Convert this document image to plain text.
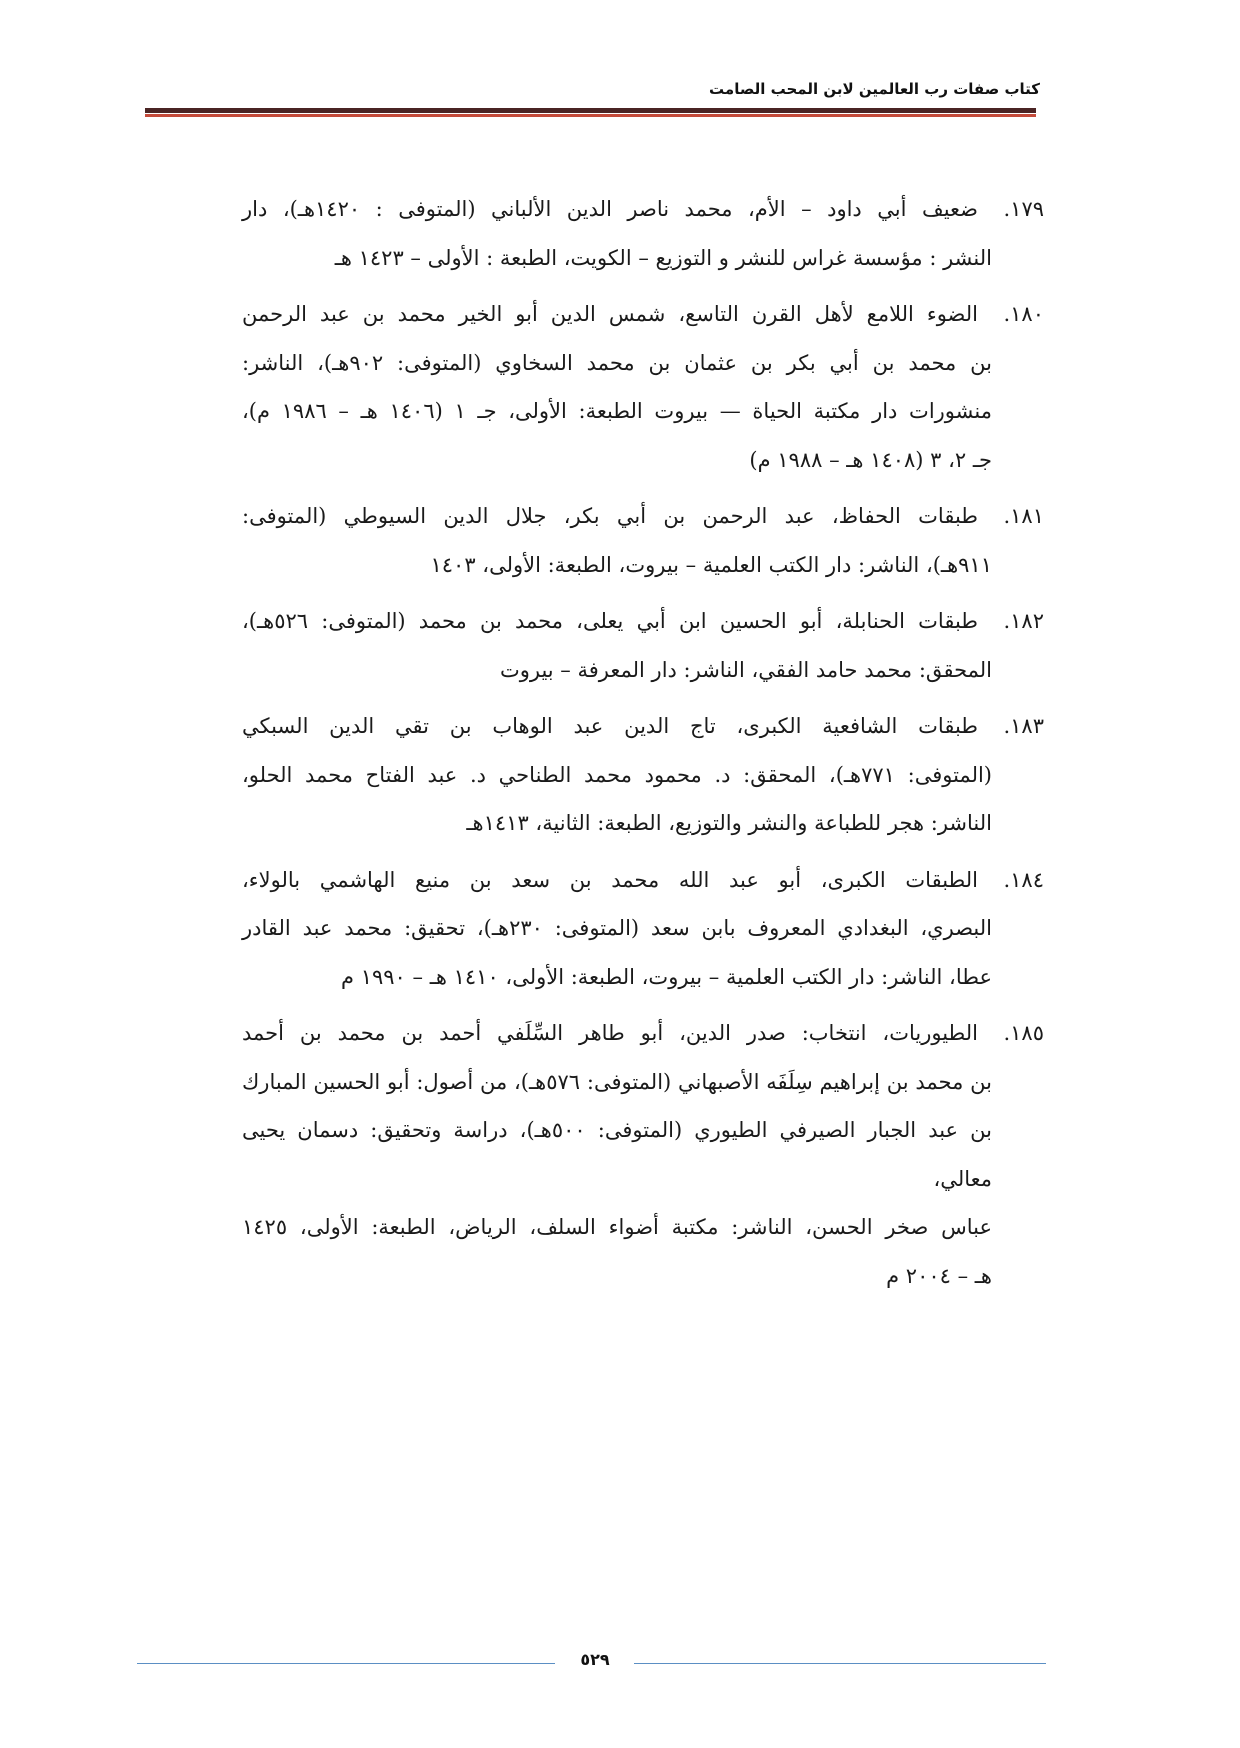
كتاب صفات رب العالمين لابن المحب الصامت
١٧٩.ضعيف أبي داود – الأم، محمد ناصر الدين الألباني (المتوفى : ١٤٢٠هـ)، دار
النشر : مؤسسة غراس للنشر و التوزيع – الكويت، الطبعة : الأولى – ١٤٢٣ هـ
١٨٠.الضوء اللامع لأهل القرن التاسع، شمس الدين أبو الخير محمد بن عبد الرحمن
بن محمد بن أبي بكر بن عثمان بن محمد السخاوي (المتوفى: ٩٠٢هـ)، الناشر:
منشورات دار مكتبة الحياة — بيروت الطبعة: الأولى، جـ ١ (١٤٠٦ هـ – ١٩٨٦ م)،
جـ ٢، ٣ (١٤٠٨ هـ – ١٩٨٨ م)
١٨١.طبقات الحفاظ، عبد الرحمن بن أبي بكر، جلال الدين السيوطي (المتوفى:
٩١١هـ)، الناشر: دار الكتب العلمية – بيروت، الطبعة: الأولى، ١٤٠٣
١٨٢.طبقات الحنابلة، أبو الحسين ابن أبي يعلى، محمد بن محمد (المتوفى: ٥٢٦هـ)،
المحقق: محمد حامد الفقي، الناشر: دار المعرفة – بيروت
١٨٣.طبقات الشافعية الكبرى، تاج الدين عبد الوهاب بن تقي الدين السبكي
(المتوفى: ٧٧١هـ)، المحقق: د. محمود محمد الطناحي د. عبد الفتاح محمد الحلو،
الناشر: هجر للطباعة والنشر والتوزيع، الطبعة: الثانية، ١٤١٣هـ
١٨٤.الطبقات الكبرى، أبو عبد الله محمد بن سعد بن منيع الهاشمي بالولاء،
البصري، البغدادي المعروف بابن سعد (المتوفى: ٢٣٠هـ)، تحقيق: محمد عبد القادر
عطا، الناشر: دار الكتب العلمية – بيروت، الطبعة: الأولى، ١٤١٠ هـ – ١٩٩٠ م
١٨٥.الطيوريات، انتخاب: صدر الدين، أبو طاهر السِّلَفي أحمد بن محمد بن أحمد
بن محمد بن إبراهيم سِلَفَه الأصبهاني (المتوفى: ٥٧٦هـ)، من أصول: أبو الحسين المبارك
بن عبد الجبار الصيرفي الطيوري (المتوفى: ٥٠٠هـ)، دراسة وتحقيق: دسمان يحيى معالي،
عباس صخر الحسن، الناشر: مكتبة أضواء السلف، الرياض، الطبعة: الأولى، ١٤٢٥
هـ – ٢٠٠٤ م
٥٢٩
